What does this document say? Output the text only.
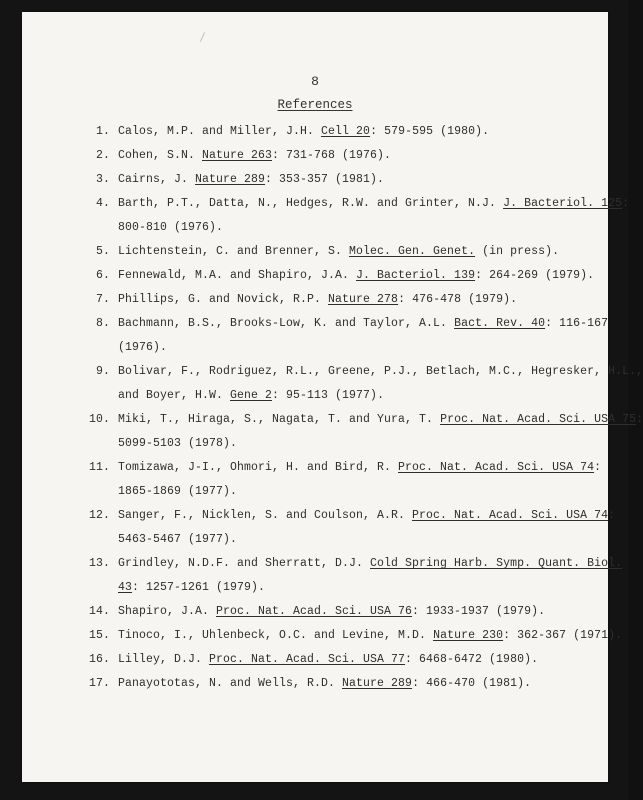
8
References
1. Calos, M.P. and Miller, J.H. Cell 20: 579-595 (1980).
2. Cohen, S.N. Nature 263: 731-768 (1976).
3. Cairns, J. Nature 289: 353-357 (1981).
4. Barth, P.T., Datta, N., Hedges, R.W. and Grinter, N.J. J. Bacteriol. 125:
800-810 (1976).
5. Lichtenstein, C. and Brenner, S. Molec. Gen. Genet. (in press).
6. Fennewald, M.A. and Shapiro, J.A. J. Bacteriol. 139: 264-269 (1979).
7. Phillips, G. and Novick, R.P. Nature 278: 476-478 (1979).
8. Bachmann, B.S., Brooks-Low, K. and Taylor, A.L. Bact. Rev. 40: 116-167
(1976).
9. Bolivar, F., Rodriguez, R.L., Greene, P.J., Betlach, M.C., Hegresker, H.L.,
and Boyer, H.W. Gene 2: 95-113 (1977).
10. Miki, T., Hiraga, S., Nagata, T. and Yura, T. Proc. Nat. Acad. Sci. USA 75:
5099-5103 (1978).
11. Tomizawa, J-I., Ohmori, H. and Bird, R. Proc. Nat. Acad. Sci. USA 74:
1865-1869 (1977).
12. Sanger, F., Nicklen, S. and Coulson, A.R. Proc. Nat. Acad. Sci. USA 74:
5463-5467 (1977).
13. Grindley, N.D.F. and Sherratt, D.J. Cold Spring Harb. Symp. Quant. Biol.
43: 1257-1261 (1979).
14. Shapiro, J.A. Proc. Nat. Acad. Sci. USA 76: 1933-1937 (1979).
15. Tinoco, I., Uhlenbeck, O.C. and Levine, M.D. Nature 230: 362-367 (1971).
16. Lilley, D.J. Proc. Nat. Acad. Sci. USA 77: 6468-6472 (1980).
17. Panayototas, N. and Wells, R.D. Nature 289: 466-470 (1981).
